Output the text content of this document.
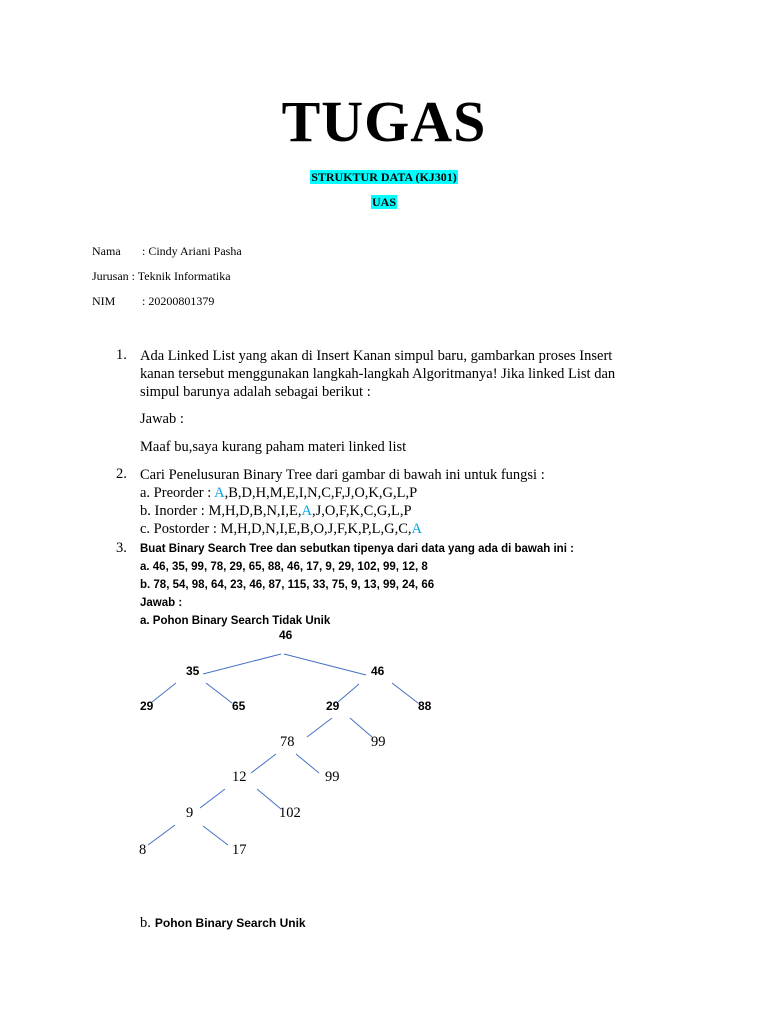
TUGAS
STRUKTUR DATA (KJ301)
UAS
Nama : Cindy Ariani Pasha
Jurusan : Teknik Informatika
NIM : 20200801379
1. Ada Linked List yang akan di Insert Kanan simpul baru, gambarkan proses Insert
kanan tersebut menggunakan langkah-langkah Algoritmanya! Jika linked List dan
simpul barunya adalah sebagai berikut :
Jawab :
Maaf bu,saya kurang paham materi linked list
2. Cari Penelusuran Binary Tree dari gambar di bawah ini untuk fungsi :
a. Preorder : A,B,D,H,M,E,I,N,C,F,J,O,K,G,L,P
b. Inorder : M,H,D,B,N,I,E,A,J,O,F,K,C,G,L,P
c. Postorder : M,H,D,N,I,E,B,O,J,F,K,P,L,G,C,A
3. Buat Binary Search Tree dan sebutkan tipenya dari data yang ada di bawah ini :
a. 46, 35, 99, 78, 29, 65, 88, 46, 17, 9, 29, 102, 99, 12, 8
b. 78, 54, 98, 64, 23, 46, 87, 115, 33, 75, 9, 13, 99, 24, 66
Jawab :
a. Pohon Binary Search Tidak Unik
46
35	46
29	65	29	88
78	99
12	99
9	102
8	17
b. Pohon Binary Search Unik
